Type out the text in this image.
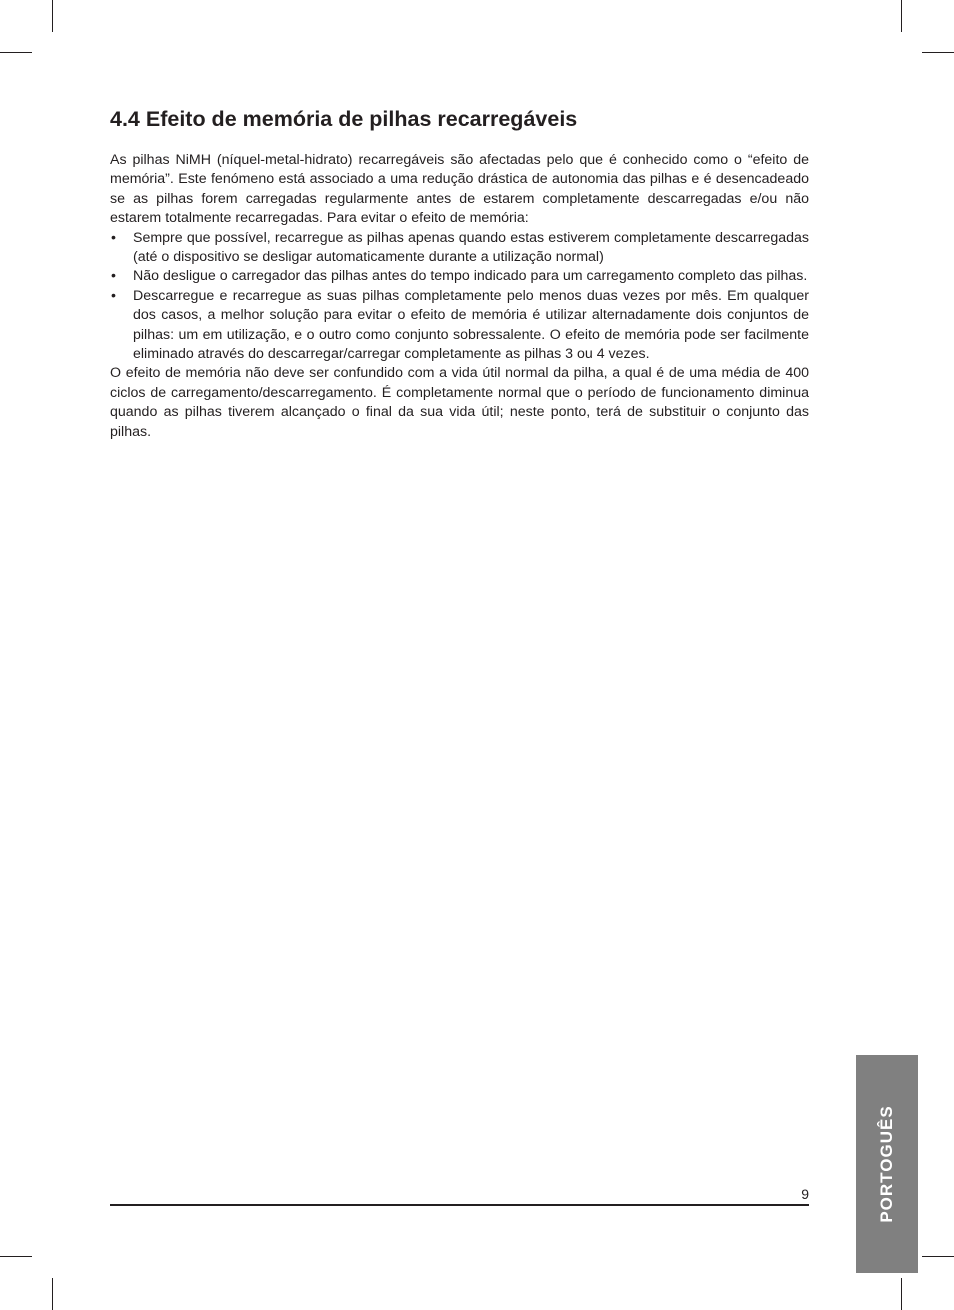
4.4 Efeito de memória de pilhas recarregáveis

As pilhas NiMH (níquel-metal-hidrato) recarregáveis são afectadas pelo que é conhecido como o “efeito de memória”. Este fenómeno está associado a uma redução drástica de autonomia das pilhas e é desencadeado se as pilhas forem carregadas regularmente antes de estarem completamente descarregadas e/ou não estarem totalmente recarregadas. Para evitar o efeito de memória:

• Sempre que possível, recarregue as pilhas apenas quando estas estiverem completamente descarregadas (até o dispositivo se desligar automaticamente durante a utilização normal)
• Não desligue o carregador das pilhas antes do tempo indicado para um carregamento completo das pilhas.
• Descarregue e recarregue as suas pilhas completamente pelo menos duas vezes por mês. Em qualquer dos casos, a melhor solução para evitar o efeito de memória é utilizar alternadamente dois conjuntos de pilhas: um em utilização, e o outro como conjunto sobressalente. O efeito de memória pode ser facilmente eliminado através do descarregar/carregar completamente as pilhas 3 ou 4 vezes.

O efeito de memória não deve ser confundido com a vida útil normal da pilha, a qual é de uma média de 400 ciclos de carregamento/descarregamento. É completamente normal que o período de funcionamento diminua quando as pilhas tiverem alcançado o final da sua vida útil; neste ponto, terá de substituir o conjunto das pilhas.

9	PORTOGUÊS
